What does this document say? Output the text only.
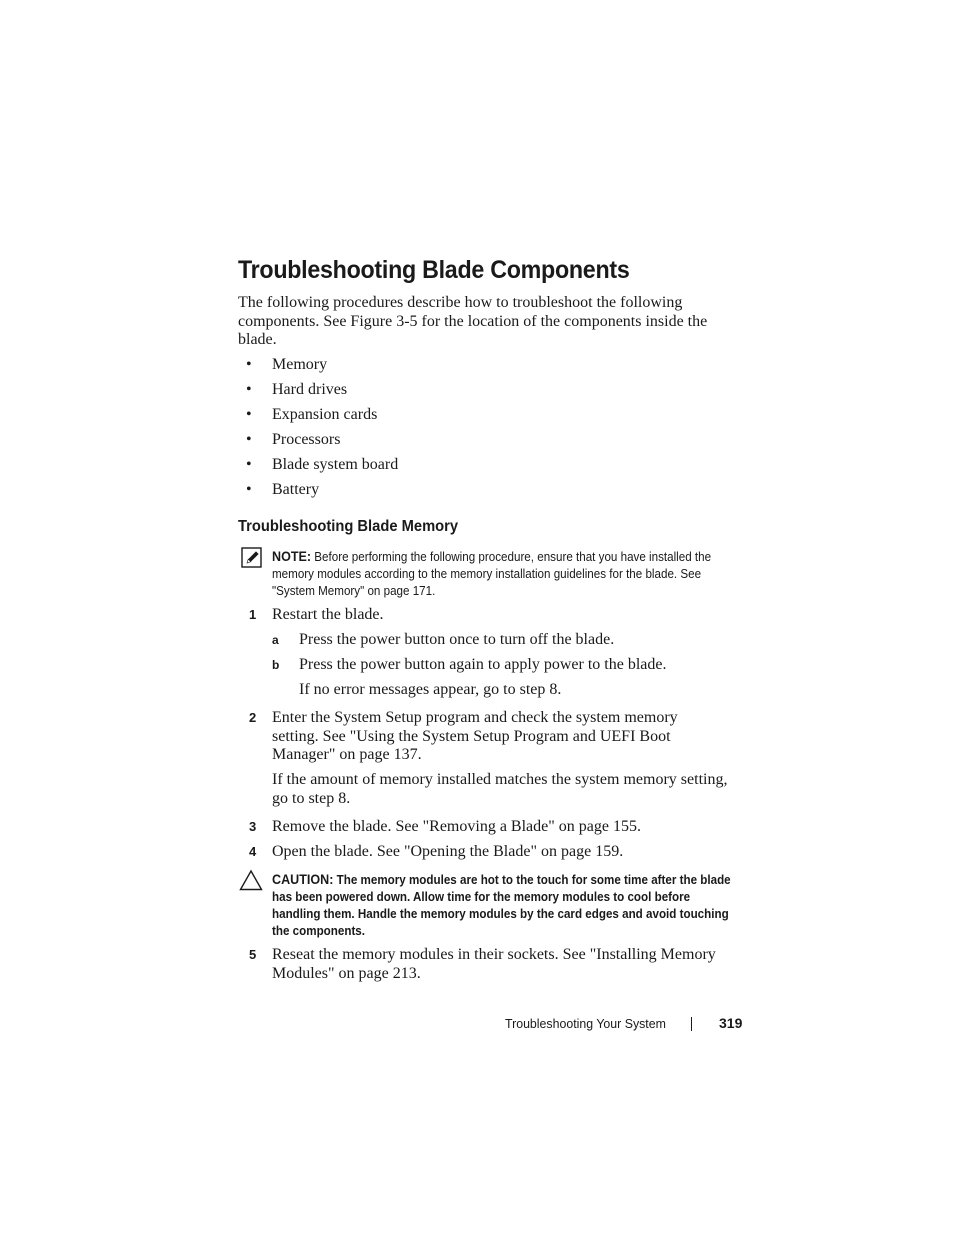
Troubleshooting Blade Components
The following procedures describe how to troubleshoot the following components. See Figure 3-5 for the location of the components inside the blade.
• Memory
• Hard drives
• Expansion cards
• Processors
• Blade system board
• Battery
Troubleshooting Blade Memory
NOTE: Before performing the following procedure, ensure that you have installed the memory modules according to the memory installation guidelines for the blade. See "System Memory" on page 171.
1 Restart the blade.
a Press the power button once to turn off the blade.
b Press the power button again to apply power to the blade.
If no error messages appear, go to step 8.
2 Enter the System Setup program and check the system memory setting. See "Using the System Setup Program and UEFI Boot Manager" on page 137.
If the amount of memory installed matches the system memory setting, go to step 8.
3 Remove the blade. See "Removing a Blade" on page 155.
4 Open the blade. See "Opening the Blade" on page 159.
CAUTION: The memory modules are hot to the touch for some time after the blade has been powered down. Allow time for the memory modules to cool before handling them. Handle the memory modules by the card edges and avoid touching the components.
5 Reseat the memory modules in their sockets. See "Installing Memory Modules" on page 213.
Troubleshooting Your System	319
